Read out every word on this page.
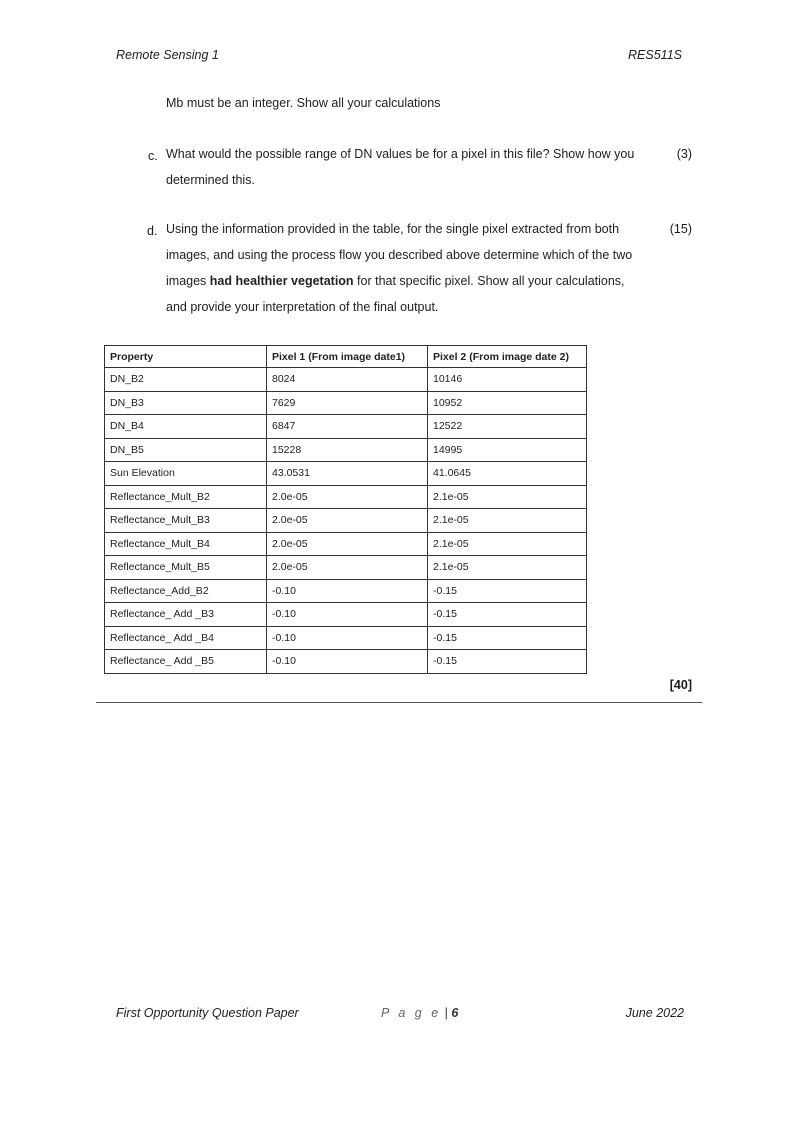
Remote Sensing 1	RES511S
Mb must be an integer. Show all your calculations
c. What would the possible range of DN values be for a pixel in this file? Show how you
determined this.
(3)
d. Using the information provided in the table, for the single pixel extracted from both
images, and using the process flow you described above determine which of the two
images had healthier vegetation for that specific pixel. Show all your calculations,
and provide your interpretation of the final output.
(15)
Property	Pixel 1 (From image date1)	Pixel 2 (From image date 2)
DN_B2	8024	10146
DN_B3	7629	10952
DN_B4	6847	12522
DN_B5	15228	14995
Sun Elevation	43.0531	41.0645
Reflectance_Mult_B2	2.0e-05	2.1e-05
Reflectance_Mult_B3	2.0e-05	2.1e-05
Reflectance_Mult_B4	2.0e-05	2.1e-05
Reflectance_Mult_B5	2.0e-05	2.1e-05
Reflectance_Add_B2	-0.10	-0.15
Reflectance_ Add _B3	-0.10	-0.15
Reflectance_ Add _B4	-0.10	-0.15
Reflectance_ Add _B5	-0.10	-0.15
[40]
First Opportunity Question Paper	P a g e | 6	June 2022
